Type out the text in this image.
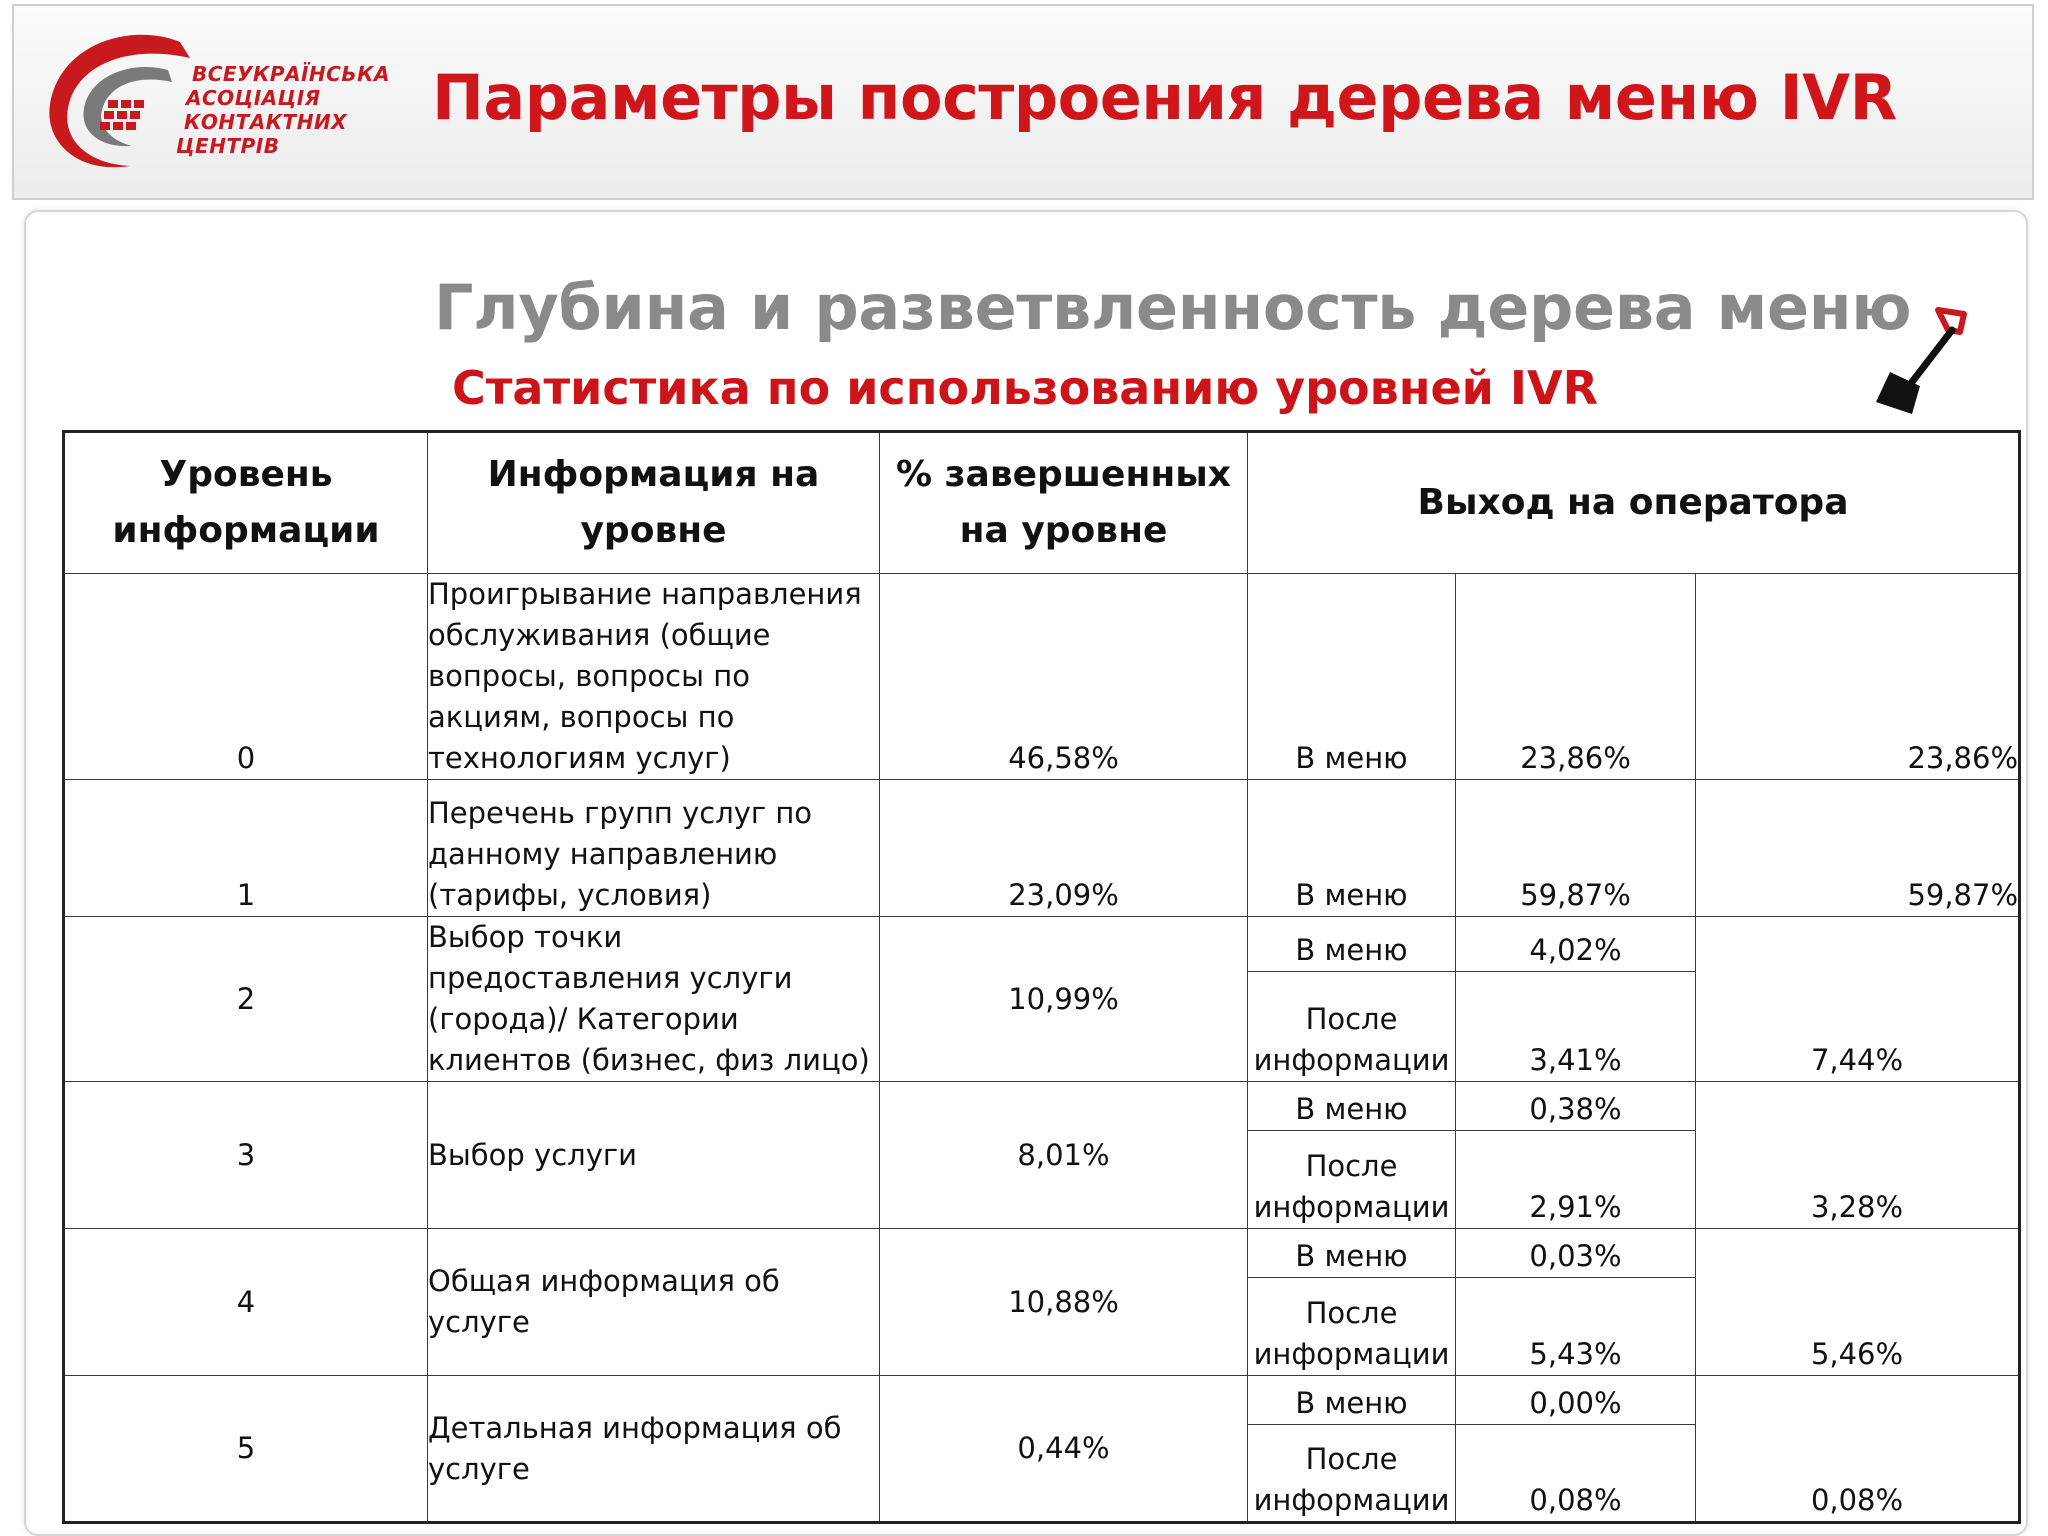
ВСЕУКРАЇНСЬКА
АСОЦІАЦІЯ
КОНТАКТНИХ
ЦЕНТРІВ
Параметры построения дерева меню IVR
Глубина и разветвленность дерева меню
Статистика по использованию уровней IVR
Уровень информации	Информация на уровне	% завершенных на уровне	Выход на оператора		
0	Проигрывание направления обслуживания (общие вопросы, вопросы по акциям, вопросы по технологиям услуг)	46,58%	В меню	23,86%	23,86%
1	Перечень групп услуг по данному направлению (тарифы, условия)	23,09%	В меню	59,87%	59,87%
2	Выбор точки предоставления услуги (города)/ Категории клиентов (бизнес, физ лицо)	10,99%	В меню	4,02%	7,44%
			После информации	3,41%	
3	Выбор услуги	8,01%	В меню	0,38%	3,28%
			После информации	2,91%	
4	Общая информация об услуге	10,88%	В меню	0,03%	5,46%
			После информации	5,43%	
5	Детальная информация об услуге	0,44%	В меню	0,00%	0,08%
			После информации	0,08%	
